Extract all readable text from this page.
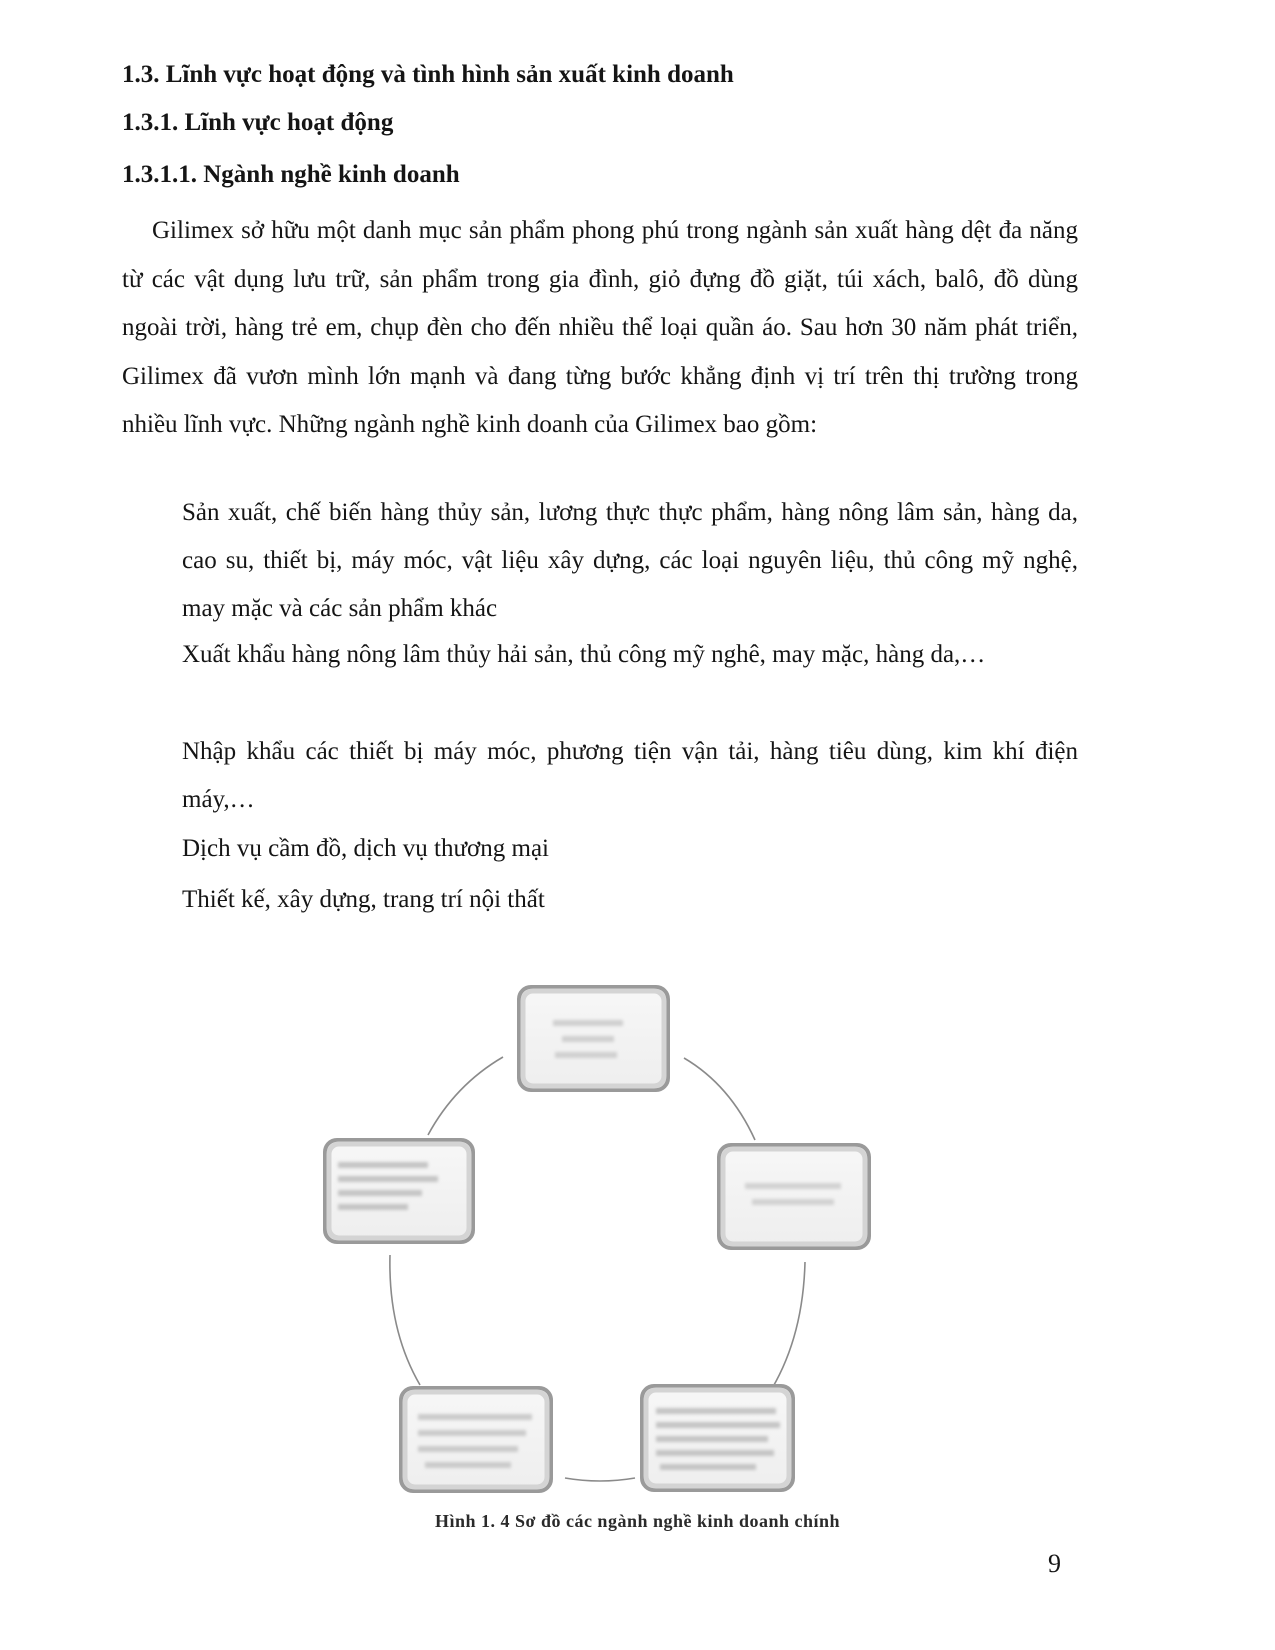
1.3. Lĩnh vực hoạt động và tình hình sản xuất kinh doanh
1.3.1. Lĩnh vực hoạt động
1.3.1.1. Ngành nghề kinh doanh

Gilimex sở hữu một danh mục sản phẩm phong phú trong ngành sản xuất hàng dệt đa năng từ các vật dụng lưu trữ, sản phẩm trong gia đình, giỏ đựng đồ giặt, túi xách, balô, đồ dùng ngoài trời, hàng trẻ em, chụp đèn cho đến nhiều thể loại quần áo. Sau hơn 30 năm phát triển, Gilimex đã vươn mình lớn mạnh và đang từng bước khẳng định vị trí trên thị trường trong nhiều lĩnh vực. Những ngành nghề kinh doanh của Gilimex bao gồm:

Sản xuất, chế biến hàng thủy sản, lương thực thực phẩm, hàng nông lâm sản, hàng da, cao su, thiết bị, máy móc, vật liệu xây dựng, các loại nguyên liệu, thủ công mỹ nghệ, may mặc và các sản phẩm khác

Xuất khẩu hàng nông lâm thủy hải sản, thủ công mỹ nghê, may mặc, hàng da,…

Nhập khẩu các thiết bị máy móc, phương tiện vận tải, hàng tiêu dùng, kim khí điện máy,…

Dịch vụ cầm đồ, dịch vụ thương mại

Thiết kế, xây dựng, trang trí nội thất

Hình 1. 4 Sơ đồ các ngành nghề kinh doanh chính

9
